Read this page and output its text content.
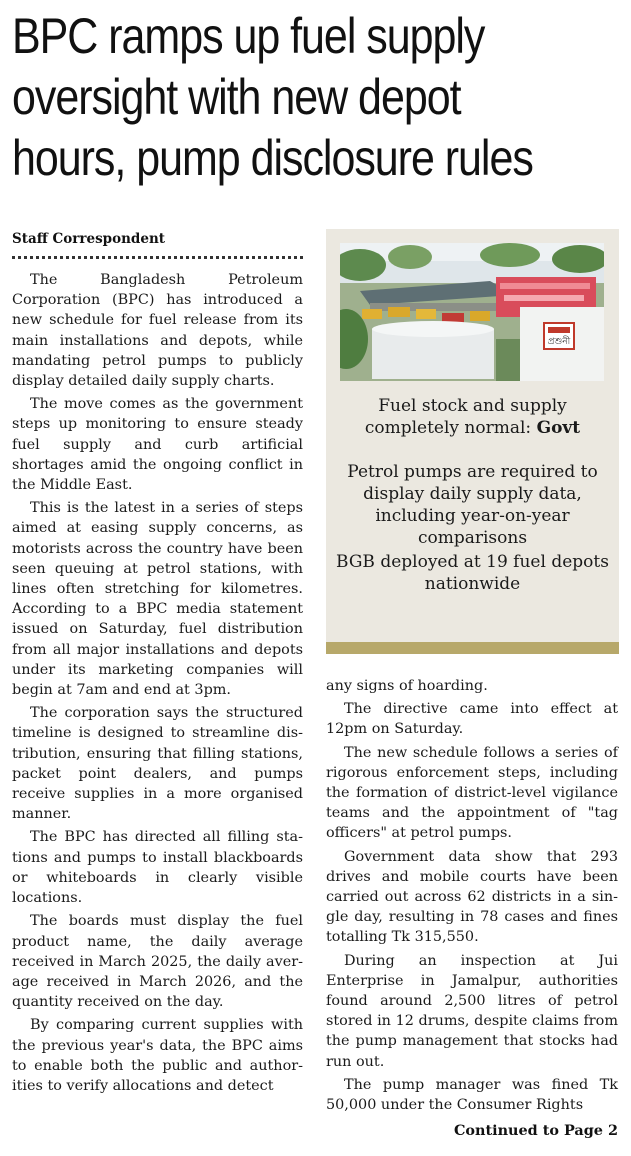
BPC ramps up fuel supply
oversight with new depot
hours, pump disclosure rules
Staff Correspondent

The Bangladesh Petroleum Corporation (BPC) has introduced a new schedule for fuel release from its main installations and depots, while mandating petrol pumps to publicly display detailed daily supply charts.

The move comes as the government steps up monitoring to ensure steady fuel supply and curb artificial shortages amid the ongoing conflict in the Middle East.

This is the latest in a series of steps aimed at easing supply concerns, as motorists across the country have been seen queuing at petrol stations, with lines often stretching for kilometres. According to a BPC media statement issued on Saturday, fuel distribution from all major installations and depots under its marketing companies will begin at 7am and end at 3pm.

The corporation says the structured timeline is designed to streamline distribution, ensuring that filling stations, packet point dealers, and pumps receive supplies in a more organised manner.

The BPC has directed all filling stations and pumps to install blackboards or whiteboards in clearly visible locations.

The boards must display the fuel product name, the daily average received in March 2025, the daily average received in March 2026, and the quantity received on the day.

By comparing current supplies with the previous year's data, the BPC aims to enable both the public and authorities to verify allocations and detect

প্রশুনী
Fuel stock and supply
completely normal: Govt
Petrol pumps are required to display daily supply data, including year-on-year comparisons
BGB deployed at 19 fuel depots nationwide

any signs of hoarding.

The directive came into effect at 12pm on Saturday.

The new schedule follows a series of rigorous enforcement steps, including the formation of district-level vigilance teams and the appointment of "tag officers" at petrol pumps.

Government data show that 293 drives and mobile courts have been carried out across 62 districts in a single day, resulting in 78 cases and fines totalling Tk 315,550.

During an inspection at Jui Enterprise in Jamalpur, authorities found around 2,500 litres of petrol stored in 12 drums, despite claims from the pump management that stocks had run out.

The pump manager was fined Tk 50,000 under the Consumer Rights

Continued to Page 2
